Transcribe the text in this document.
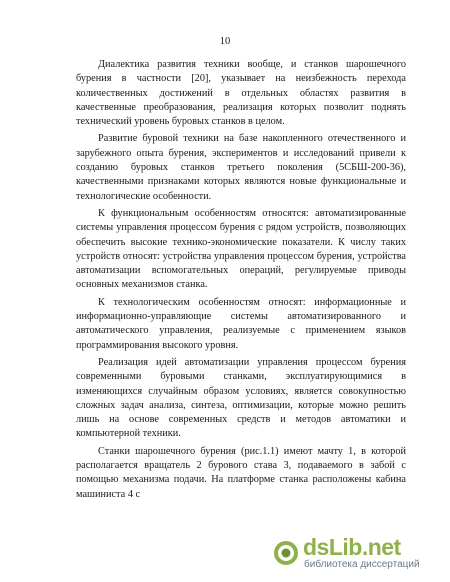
10

Диалектика развития техники вообще, и станков шарошечного бурения в частности [20], указывает на неизбежность перехода количественных достижений в отдельных областях развития в качественные преобразования, реализация которых позволит поднять технический уровень буровых станков в целом.

Развитие буровой техники на базе накопленного отечественного и зарубежного опыта бурения, экспериментов и исследований привели к созданию буровых станков третьего поколения (5СБШ-200-36), качественными признаками которых являются новые функциональные и технологические особенности.

К функциональным особенностям относятся: автоматизированные системы управления процессом бурения с рядом устройств, позволяющих обеспечить высокие технико-экономические показатели. К числу таких устройств относят: устройства управления процессом бурения, устройства автоматизации вспомогательных операций, регулируемые приводы основных механизмов станка.

К технологическим особенностям относят: информационные и информационно-управляющие системы автоматизированного и автоматического управления, реализуемые с применением языков программирования высокого уровня.

Реализация идей автоматизации управления процессом бурения современными буровыми станками, эксплуатирующимися в изменяющихся случайным образом условиях, является совокупностью сложных задач анализа, синтеза, оптимизации, которые можно решить лишь на основе современных средств и методов автоматики и компьютерной техники.

Станки шарошечного бурения (рис.1.1) имеют мачту 1, в которой располагается вращатель 2 бурового става 3, подаваемого в забой с помощью механизма подачи. На платформе станка расположены кабина машиниста 4 с

dsLib.net
библиотека диссертаций
